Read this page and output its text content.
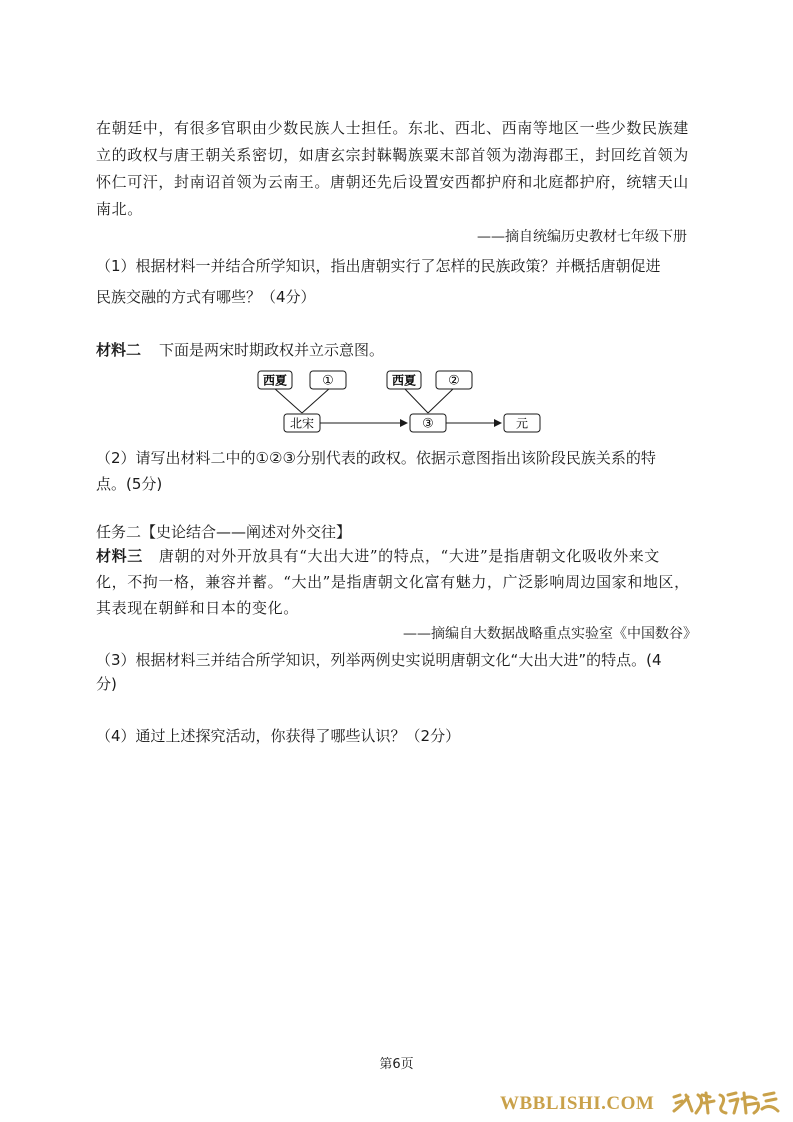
在朝廷中，有很多官职由少数民族人士担任。东北、西北、西南等地区一些少数民族建
立的政权与唐王朝关系密切，如唐玄宗封靺鞨族粟末部首领为渤海郡王，封回纥首领为
怀仁可汗，封南诏首领为云南王。唐朝还先后设置安西都护府和北庭都护府，统辖天山
南北。
——摘自统编历史教材七年级下册
（1）根据材料一并结合所学知识，指出唐朝实行了怎样的民族政策？并概括唐朝促进
民族交融的方式有哪些？（4分）
材料二 下面是两宋时期政权并立示意图。
西夏	①	西夏 ②
北宋	③	元
（2）请写出材料二中的①②③分别代表的政权。依据示意图指出该阶段民族关系的特
点。(5分)
任务二【史论结合——阐述对外交往】
材料三 唐朝的对外开放具有“大出大进”的特点，“大进”是指唐朝文化吸收外来文
化，不拘一格，兼容并蓄。“大出”是指唐朝文化富有魅力，广泛影响周边国家和地区，
其表现在朝鲜和日本的变化。
——摘编自大数据战略重点实验室《中国数谷》
（3）根据材料三并结合所学知识，列举两例史实说明唐朝文化“大出大进”的特点。(4
分)
（4）通过上述探究活动，你获得了哪些认识？（2分）
第6页
WBBLISHI.COM
